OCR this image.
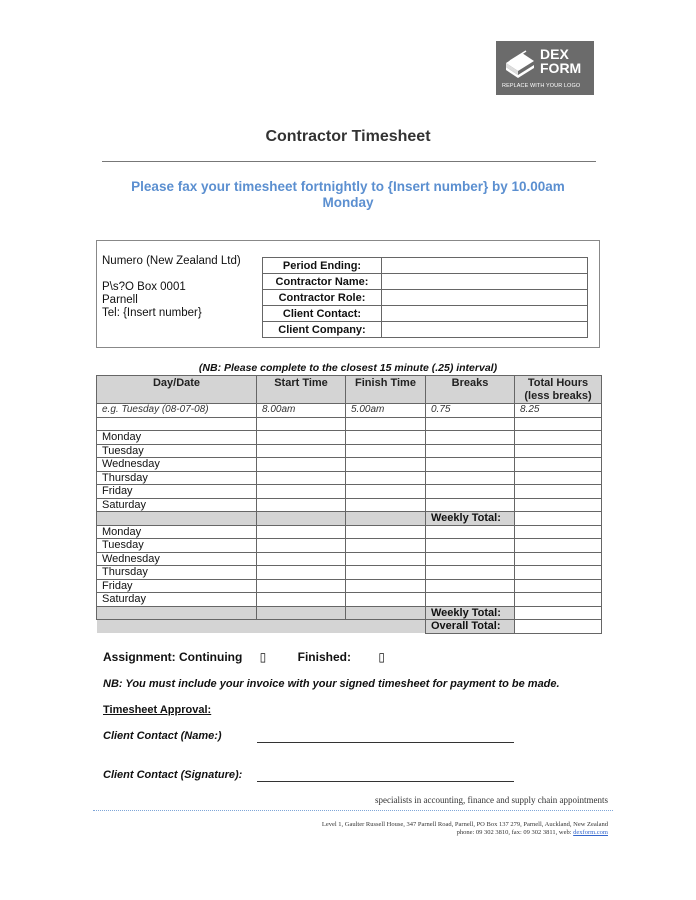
DEX
FORM
REPLACE WITH YOUR LOGO
Contractor Timesheet
Please fax your timesheet fortnightly to {Insert number} by 10.00am Monday
Numero (New Zealand Ltd)
P\s?O Box 0001
Parnell
Tel: {Insert number}
Period Ending:	
Contractor Name:	
Contractor Role:	
Client Contact:	
Client Company:	
(NB: Please complete to the closest 15 minute (.25) interval)
Day/Date	Start Time	Finish Time	Breaks	Total Hours (less breaks)
e.g. Tuesday (08-07-08)	8.00am	5.00am	0.75	8.25

Monday				
Tuesday				
Wednesday				
Thursday				
Friday				
Saturday				
			Weekly Total:	
Monday				
Tuesday				
Wednesday				
Thursday				
Friday				
Saturday				
			Weekly Total:	
			Overall Total:	
Assignment: Continuing ▯	Finished: ▯
NB: You must include your invoice with your signed timesheet for payment to be made.
Timesheet Approval:
Client Contact (Name:)
Client Contact (Signature):
specialists in accounting, finance and supply chain appointments
Level 1, Gaulter Russell House, 347 Parnell Road, Parnell, PO Box 137 279, Parnell, Auckland, New Zealand
phone: 09 302 3810, fax: 09 302 3811, web: dexform.com
